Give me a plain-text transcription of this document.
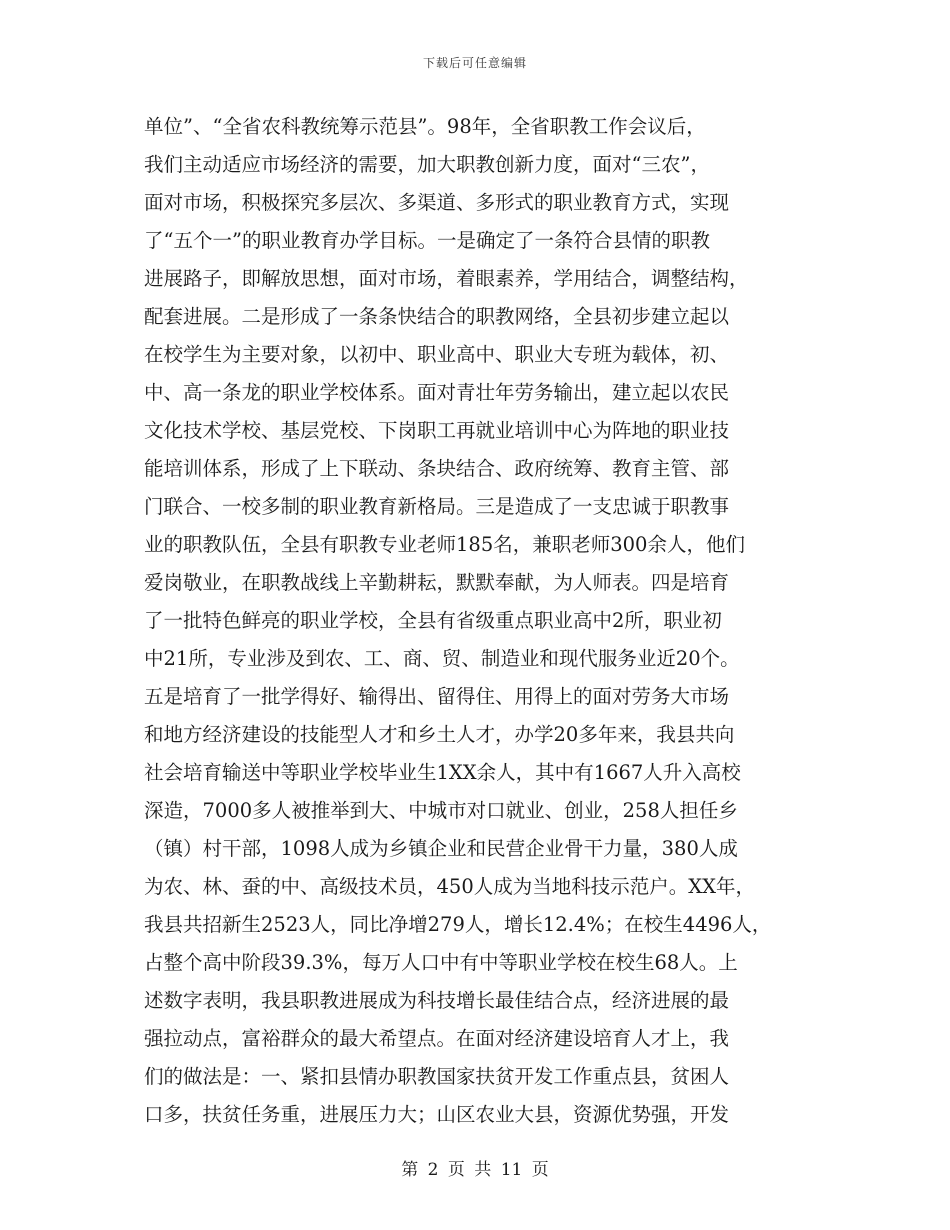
下载后可任意编辑
单位”、“全省农科教统筹示范县”。98年，全省职教工作会议后，
我们主动适应市场经济的需要，加大职教创新力度，面对“三农”，
面对市场，积极探究多层次、多渠道、多形式的职业教育方式，实现
了“五个一”的职业教育办学目标。一是确定了一条符合县情的职教
进展路子，即解放思想，面对市场，着眼素养，学用结合，调整结构，
配套进展。二是形成了一条条快结合的职教网络，全县初步建立起以
在校学生为主要对象，以初中、职业高中、职业大专班为载体，初、
中、高一条龙的职业学校体系。面对青壮年劳务输出，建立起以农民
文化技术学校、基层党校、下岗职工再就业培训中心为阵地的职业技
能培训体系，形成了上下联动、条块结合、政府统筹、教育主管、部
门联合、一校多制的职业教育新格局。三是造成了一支忠诚于职教事
业的职教队伍，全县有职教专业老师185名，兼职老师300余人，他们
爱岗敬业，在职教战线上辛勤耕耘，默默奉献，为人师表。四是培育
了一批特色鲜亮的职业学校，全县有省级重点职业高中2所，职业初
中21所，专业涉及到农、工、商、贸、制造业和现代服务业近20个。
五是培育了一批学得好、输得出、留得住、用得上的面对劳务大市场
和地方经济建设的技能型人才和乡土人才，办学20多年来，我县共向
社会培育输送中等职业学校毕业生1XX余人，其中有1667人升入高校
深造，7000多人被推举到大、中城市对口就业、创业，258人担任乡
（镇）村干部，1098人成为乡镇企业和民营企业骨干力量，380人成
为农、林、蚕的中、高级技术员，450人成为当地科技示范户。XX年，
我县共招新生2523人，同比净增279人，增长12.4%；在校生4496人，
占整个高中阶段39.3%，每万人口中有中等职业学校在校生68人。上
述数字表明，我县职教进展成为科技增长最佳结合点，经济进展的最
强拉动点，富裕群众的最大希望点。在面对经济建设培育人才上，我
们的做法是：一、紧扣县情办职教国家扶贫开发工作重点县，贫困人
口多，扶贫任务重，进展压力大；山区农业大县，资源优势强，开发
第 2 页 共 11 页
